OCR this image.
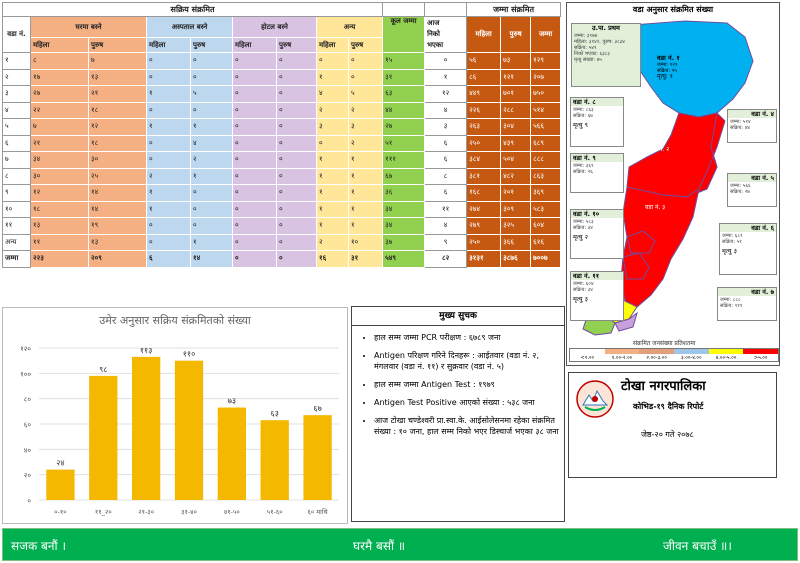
सक्रिय संक्रमित											जम्मा संक्रमित		
वडा नं.	घरमा बस्ने		अस्पताल बस्ने		होटल बस्ने		अन्य		कूल जम्मा	आज
निको
भएका	महिला	पुरुष	जम्मा
	महिला	पुरुष	महिला	पुरुष	महिला	पुरुष	महिला	पुरुष					
१	८	७	०	०	०	०	०	०	१५	०	५६	७३	१२९
२	१७	१३	०	०	०	०	१	०	३१	१	८६	१२१	२०७
३	२७	२१	१	५	०	०	४	५	६३	१२	४४९	७०१	७५०
४	२२	१८	०	०	०	०	२	२	४४	४	२२६	२८८	५१४
५	७	१२	१	१	०	०	३	३	२७	३	२६३	३०४	५६६
६	२१	१८	०	४	०	०	०	२	५१	६	२५०	४३९	६८९
७	३४	३०	०	२	०	०	१	१	१११	६	३८४	५०४	८८८
८	३०	२५	२	१	०	०	१	१	६७	८	३८१	४८२	८६३
९	१२	१४	१	०	०	०	१	१	३६	६	१६८	२०१	३६९
१०	१८	१४	१	०	०	०	१	१	३४	११	२७४	३०९	५८३
११	१३	१९	०	०	०	०	१	१	३४	४	२७९	३२५	६०४
अन्य	११	१३	०	१	०	०	२	१०	३७	९	२५०	३६६	६१६
जम्मा	२२३	२०९	६	१४	०	०	१६	३१	५४९	८२	३१३१	३८७६	७००७
वडा अनुसार संक्रमित संख्या
वडा नं. १
जम्मा: १२९
सक्रिय: १५
मृत्यु: १
वडा नं. २
वडा नं. ३
उ.पा. प्रथम
जम्मा: ३९७७
महिला: ३१४२, पुरुष: ३८३४
सक्रिय: ५४९
निको भएका: ६३८३
मृत्यु संख्या: ७५
वडा नं. ८
जम्मा: ८६३
सक्रिय: ६७
मृत्यु ९
वडा नं. ९
जम्मा: ३६९
सक्रिय: २६
वडा नं. १०
जम्मा: ५८३
सक्रिय: ३४
मृत्यु २
वडा नं. ११
जम्मा: ६०४
सक्रिय: ३४
मृत्यु ३
वडा नं. ४
जम्मा: ५१४
सक्रिय: ४४
वडा नं. ५
जम्मा: ५६६
सक्रिय: २७
वडा नं. ६
जम्मा: ६८९
सक्रिय: ५१
मृत्यु ३
वडा नं. ७
जम्मा: ८८८
सक्रिय: १११
संक्रमित जनसंख्या प्रतिशतमा
<१.००	१.००-२.००	२.००-३.००	३.००-४.००	४.००-५.००	>५.००
उमेर अनुसार सक्रिय संक्रमितको संख्या
०
२०
४०
६०
८०
१००
१२०
२४
०-१०
९८
११_२०
११३
२१-३०
११०
३१-४०
७३
४१-५०
६३
५१-६०
६७
६० माथि
मुख्य सुचक
• हाल सम्म जम्मा PCR परीक्षण : ६७८९ जना
• Antigen परिक्षण गरिने दिनहरू : आईतवार (वडा नं. २, मंगलवार (वडा नं. ११) र सुक्रवार (वडा नं. ५)
• हाल सम्म जम्मा Antigen Test : १९७९
• Antigen Test Positive आएको संख्या : ५३८ जना
• आज टोखा चण्डेश्वरी प्रा.स्वा.के. आईसोलेसनमा रहेका संक्रमित संख्या : १० जना, हाल सम्म निको भएर डिस्चार्ज भएका ३८ जना
टोखा नगरपालिका
कोभिड-१९ दैनिक रिपोर्ट
जेष्ठ-२० गते २०७८
सजक बनौं ।	घरमै बसौं ॥	जीवन बचाउँ ॥।
